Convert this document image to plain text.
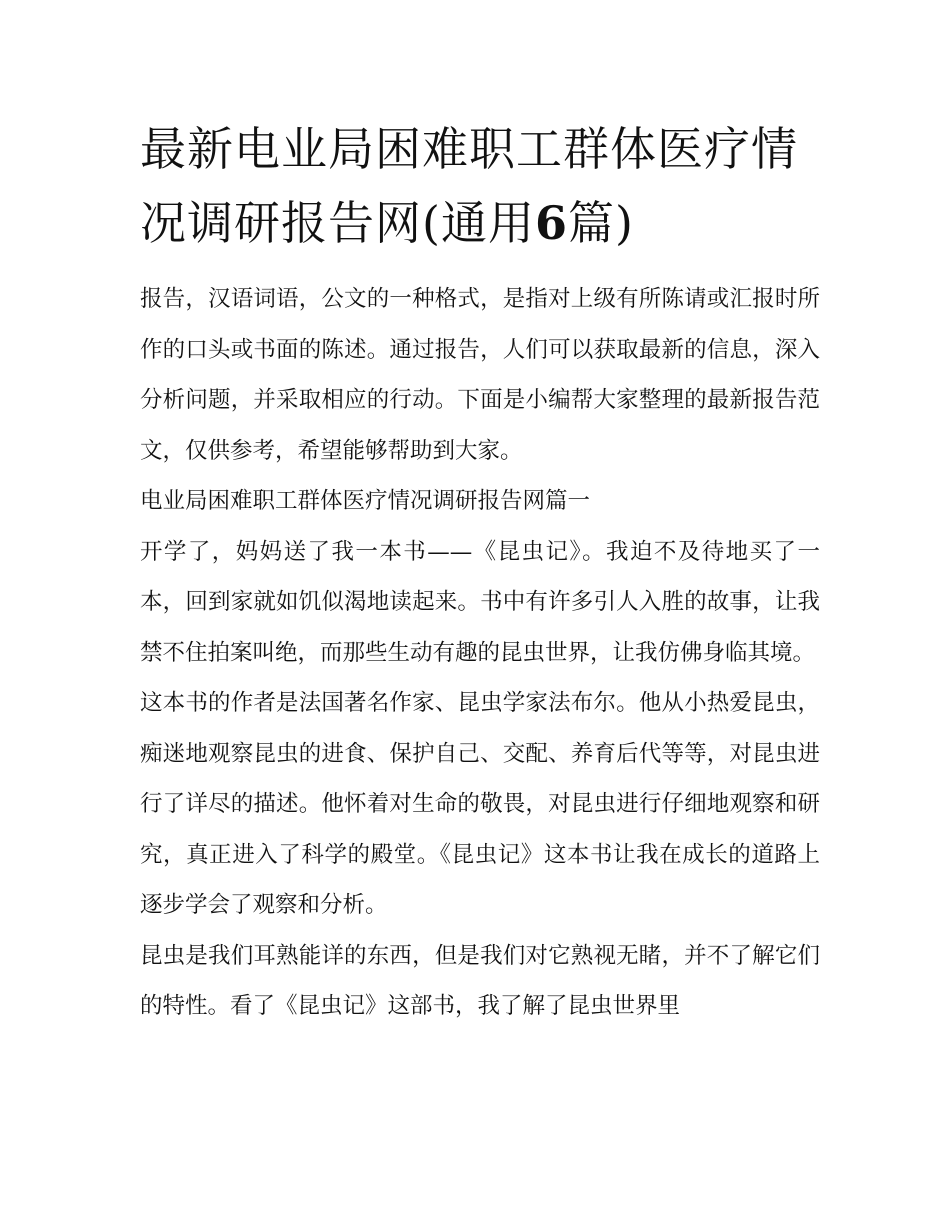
最新电业局困难职工群体医疗情况调研报告网(通用6篇)

报告，汉语词语，公文的一种格式，是指对上级有所陈请或汇报时所作的口头或书面的陈述。通过报告，人们可以获取最新的信息，深入分析问题，并采取相应的行动。下面是小编帮大家整理的最新报告范文，仅供参考，希望能够帮助到大家。

电业局困难职工群体医疗情况调研报告网篇一

开学了，妈妈送了我一本书——《昆虫记》。我迫不及待地买了一本，回到家就如饥似渴地读起来。书中有许多引人入胜的故事，让我禁不住拍案叫绝，而那些生动有趣的昆虫世界，让我仿佛身临其境。

这本书的作者是法国著名作家、昆虫学家法布尔。他从小热爱昆虫，痴迷地观察昆虫的进食、保护自己、交配、养育后代等等，对昆虫进行了详尽的描述。他怀着对生命的敬畏，对昆虫进行仔细地观察和研究，真正进入了科学的殿堂。《昆虫记》这本书让我在成长的道路上逐步学会了观察和分析。

昆虫是我们耳熟能详的东西，但是我们对它熟视无睹，并不了解它们的特性。看了《昆虫记》这部书，我了解了昆虫世界里
